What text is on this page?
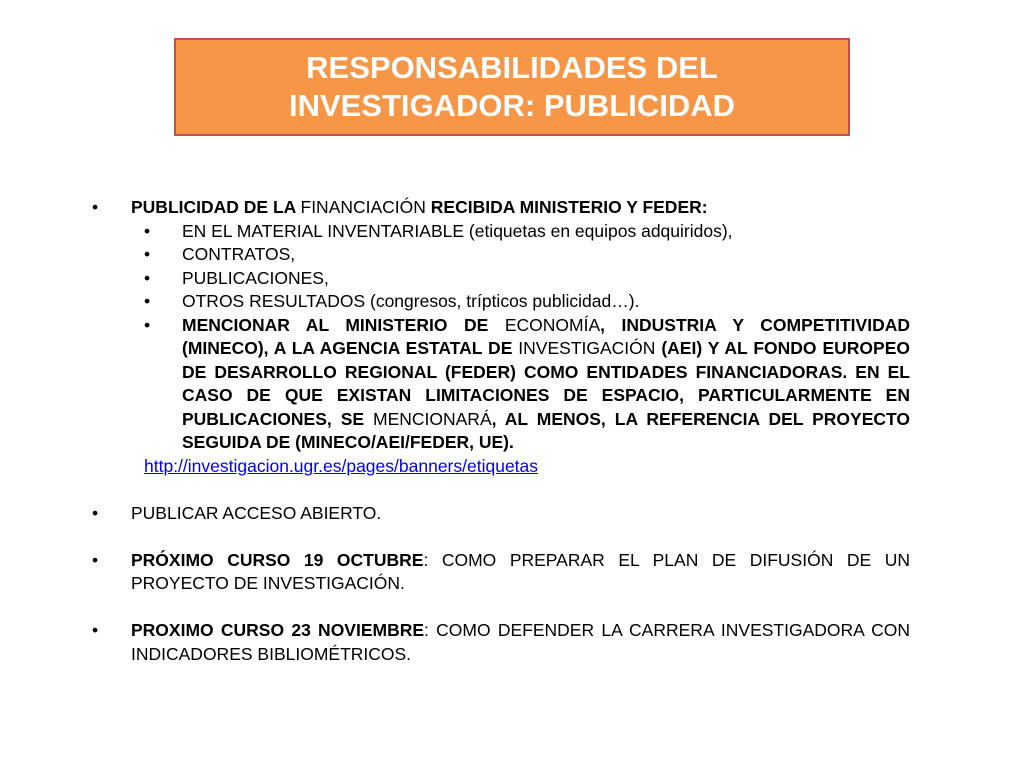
RESPONSABILIDADES DEL
INVESTIGADOR: PUBLICIDAD
• PUBLICIDAD DE LA FINANCIACIÓN RECIBIDA MINISTERIO Y FEDER:
• EN EL MATERIAL INVENTARIABLE (etiquetas en equipos adquiridos),
• CONTRATOS,
• PUBLICACIONES,
• OTROS RESULTADOS (congresos, trípticos publicidad…).
• MENCIONAR AL MINISTERIO DE ECONOMÍA, INDUSTRIA Y COMPETITIVIDAD (MINECO), A LA AGENCIA ESTATAL DE INVESTIGACIÓN (AEI) Y AL FONDO EUROPEO DE DESARROLLO REGIONAL (FEDER) COMO ENTIDADES FINANCIADORAS. EN EL CASO DE QUE EXISTAN LIMITACIONES DE ESPACIO, PARTICULARMENTE EN PUBLICACIONES, SE MENCIONARÁ, AL MENOS, LA REFERENCIA DEL PROYECTO SEGUIDA DE (MINECO/AEI/FEDER, UE).
http://investigacion.ugr.es/pages/banners/etiquetas
• PUBLICAR ACCESO ABIERTO.
• PRÓXIMO CURSO 19 OCTUBRE: COMO PREPARAR EL PLAN DE DIFUSIÓN DE UN PROYECTO DE INVESTIGACIÓN.
• PROXIMO CURSO 23 NOVIEMBRE: COMO DEFENDER LA CARRERA INVESTIGADORA CON INDICADORES BIBLIOMÉTRICOS.
